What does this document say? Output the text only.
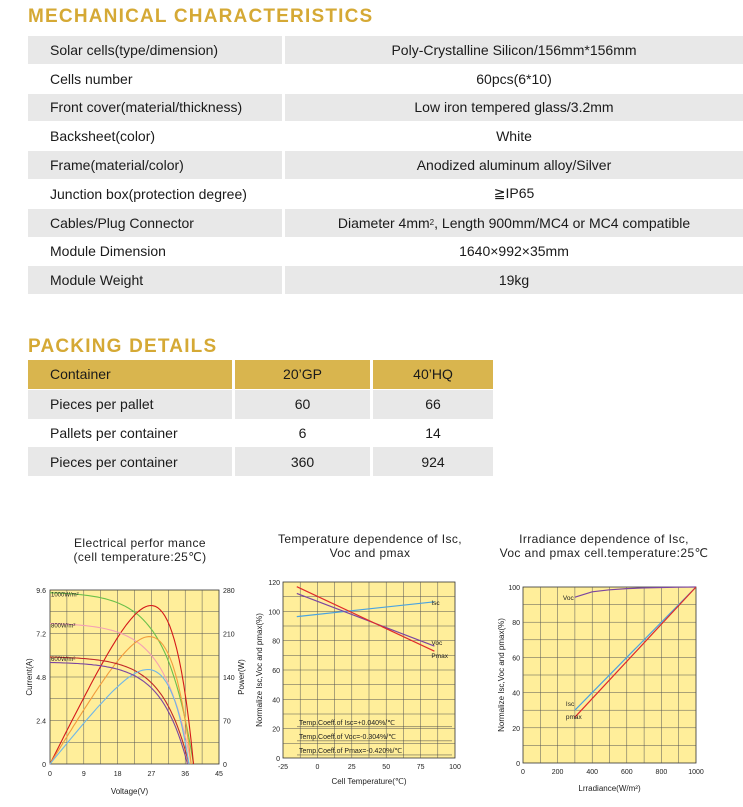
MECHANICAL CHARACTERISTICS
Solar cells(type/dimension)	Poly-Crystalline Silicon/156mm*156mm
Cells number	60pcs(6*10)
Front cover(material/thickness)	Low iron tempered glass/3.2mm
Backsheet(color)	White
Frame(material/color)	Anodized aluminum alloy/Silver
Junction box(protection degree)	≧IP65
Cables/Plug Connector	Diameter 4mm 2 , Length 900mm/MC4 or MC4 compatible
Module Dimension	1640×992×35mm
Module Weight	19kg
PACKING DETAILS
Container	20’GP	40’HQ
Pieces per pallet	60	66
Pallets per container	6	14
Pieces per container	360	924
Electrical perfor mance
(cell temperature:25℃)
Temperature dependence of Isc,
Voc and pmax
Irradiance dependence of Isc,
Voc and pmax cell.temperature:25℃
0	9	18	27	36	45
0
2.4
4.8
7.2
9.6
0
70
140
210
280
Voltage(V)
Current(A)	Power(W)
1000W/m²
800W/m²
600W/m²
-25	0	25	50	75	100
0
20
40
60
80
100
120
Cell Temperature(℃)
Normalize Isc,Voc and pmax(%)
Isc
Voc
Pmax
Temp.Coeff.of Isc=+0.040%/℃
Temp.Coeff.of Voc=-0.304%/℃
Temp.Coeff.of Pmax=-0.420%/℃
0	200	400	600	800	1000
0
20
40
60
80
100
Lrradiance(W/m²)
Normalize Isc,Voc and pmax(%)
Voc
Isc
pmax
